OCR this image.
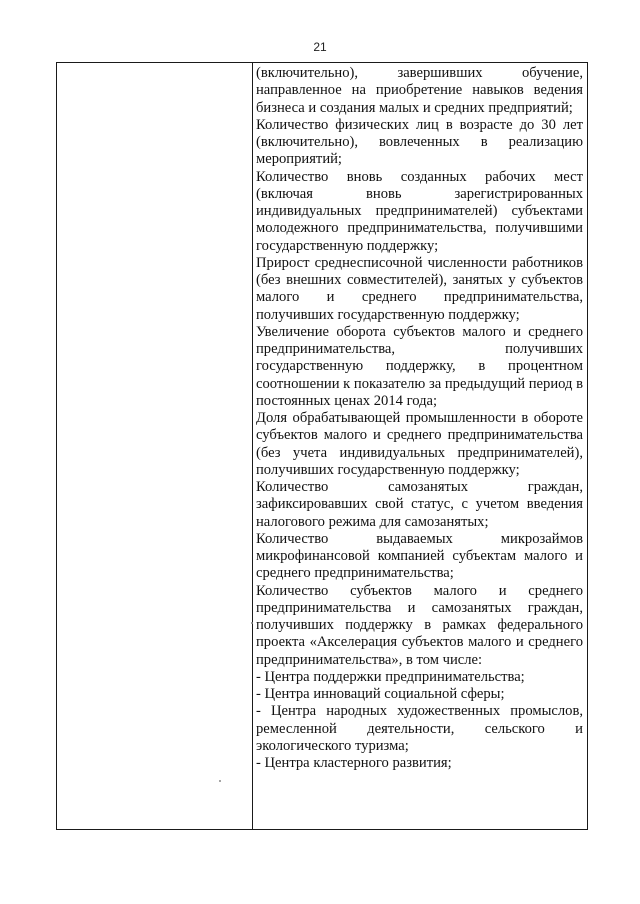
21

(включительно), завершивших обучение, направленное на приобретение навыков ведения бизнеса и создания малых и средних предприятий;

Количество физических лиц в возрасте до 30 лет (включительно), вовлеченных в реализацию мероприятий;

Количество вновь созданных рабочих мест (включая вновь зарегистрированных индивидуальных предпринимателей) субъектами молодежного предпринимательства, получившими государственную поддержку;

Прирост среднесписочной численности работников (без внешних совместителей), занятых у субъектов малого и среднего предпринимательства, получивших государственную поддержку;

Увеличение оборота субъектов малого и среднего предпринимательства, получивших государственную поддержку, в процентном соотношении к показателю за предыдущий период в постоянных ценах 2014 года;

Доля обрабатывающей промышленности в обороте субъектов малого и среднего предпринимательства (без учета индивидуальных предпринимателей), получивших государственную поддержку;

Количество самозанятых граждан, зафиксировавших свой статус, с учетом введения налогового режима для самозанятых;

Количество выдаваемых микрозаймов микрофинансовой компанией субъектам малого и среднего предпринимательства;

Количество субъектов малого и среднего предпринимательства и самозанятых граждан, получивших поддержку в рамках федерального проекта «Акселерация субъектов малого и среднего предпринимательства», в том числе:

- Центра поддержки предпринимательства;

- Центра инноваций социальной сферы;

- Центра народных художественных промыслов, ремесленной деятельности, сельского и экологического туризма;

- Центра кластерного развития;
